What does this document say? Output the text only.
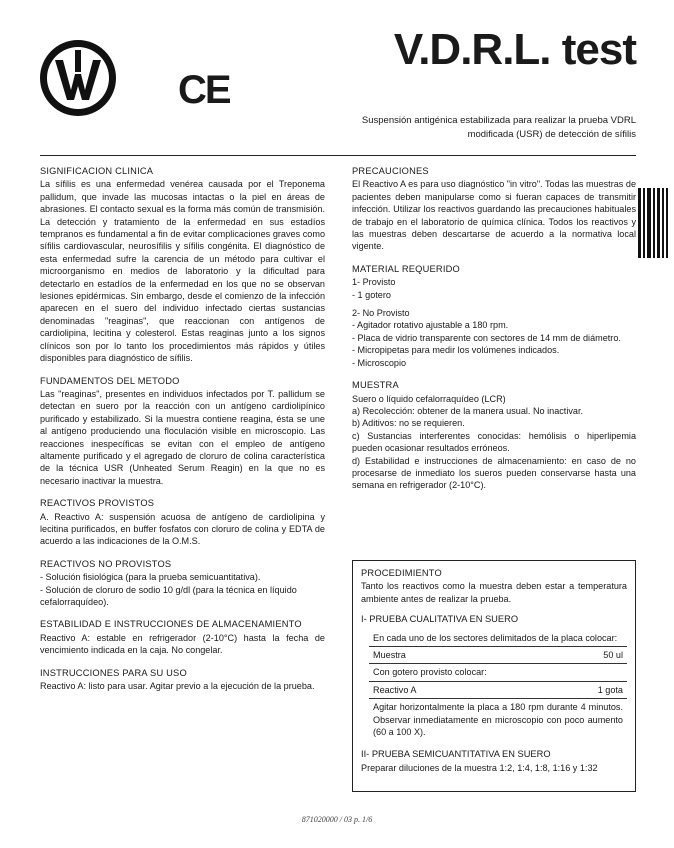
CE
V.D.R.L. test
Suspensión antigénica estabilizada para realizar la prueba VDRL modificada (USR) de detección de sífilis
SIGNIFICACION CLINICA

La sífilis es una enfermedad venérea causada por el Treponema pallidum, que invade las mucosas intactas o la piel en áreas de abrasiones. El contacto sexual es la forma más común de transmisión. La detección y tratamiento de la enfermedad en sus estadíos tempranos es fundamental a fin de evitar complicaciones graves como sífilis cardiovascular, neurosífilis y sífilis congénita. El diagnóstico de esta enfermedad sufre la carencia de un método para cultivar el microorganismo en medios de laboratorio y la dificultad para detectarlo en estadíos de la enfermedad en los que no se observan lesiones epidérmicas. Sin embargo, desde el comienzo de la infección aparecen en el suero del individuo infectado ciertas sustancias denominadas "reaginas", que reaccionan con antígenos de cardiolipina, lecitina y colesterol. Estas reaginas junto a los signos clínicos son por lo tanto los procedimientos más rápidos y útiles disponibles para diagnóstico de sífilis.

FUNDAMENTOS DEL METODO

Las "reaginas", presentes en individuos infectados por T. pallidum se detectan en suero por la reacción con un antígeno cardiolipínico purificado y estabilizado. Si la muestra contiene reagina, ésta se une al antígeno produciendo una floculación visible en microscopio. Las reacciones inespecíficas se evitan con el empleo de antígeno altamente purificado y el agregado de cloruro de colina característica de la técnica USR (Unheated Serum Reagin) en la que no es necesario inactivar la muestra.

REACTIVOS PROVISTOS

A. Reactivo A: suspensión acuosa de antígeno de cardiolipina y lecitina purificados, en buffer fosfatos con cloruro de colina y EDTA de acuerdo a las indicaciones de la O.M.S.

REACTIVOS NO PROVISTOS
- Solución fisiológica (para la prueba semicuantitativa).
- Solución de cloruro de sodio 10 g/dl (para la técnica en líquido cefalorraquídeo).
ESTABILIDAD E INSTRUCCIONES DE ALMACENAMIENTO

Reactivo A: estable en refrigerador (2-10°C) hasta la fecha de vencimiento indicada en la caja. No congelar.

INSTRUCCIONES PARA SU USO

Reactivo A: listo para usar. Agitar previo a la ejecución de la prueba.

PRECAUCIONES

El Reactivo A es para uso diagnóstico "in vitro". Todas las muestras de pacientes deben manipularse como si fueran capaces de transmitir infección. Utilizar los reactivos guardando las precauciones habituales de trabajo en el laboratorio de química clínica. Todos los reactivos y las muestras deben descartarse de acuerdo a la normativa local vigente.

MATERIAL REQUERIDO
1- Provisto
- 1 gotero
2- No Provisto
- Agitador rotativo ajustable a 180 rpm.
- Placa de vidrio transparente con sectores de 14 mm de diámetro.
- Micropipetas para medir los volúmenes indicados.
- Microscopio
MUESTRA
Suero o líquido cefalorraquídeo (LCR)

a) Recolección: obtener de la manera usual. No inactivar.

b) Aditivos: no se requieren.

c) Sustancias interferentes conocidas: hemólisis o hiperlipemia pueden ocasionar resultados erróneos.

d) Estabilidad e instrucciones de almacenamiento: en caso de no procesarse de inmediato los sueros pueden conservarse hasta una semana en refrigerador (2-10°C).

PROCEDIMIENTO

Tanto los reactivos como la muestra deben estar a temperatura ambiente antes de realizar la prueba.

I- PRUEBA CUALITATIVA EN SUERO
En cada uno de los sectores delimitados de la placa colocar:
Muestra	50 ul
Con gotero provisto colocar:
Reactivo A	1 gota

Agitar horizontalmente la placa a 180 rpm durante 4 minutos. Observar inmediatamente en microscopio con poco aumento (60 a 100 X).

II- PRUEBA SEMICUANTITATIVA EN SUERO

Preparar diluciones de la muestra 1:2, 1:4, 1:8, 1:16 y 1:32

871020000 / 03 p. 1/6
